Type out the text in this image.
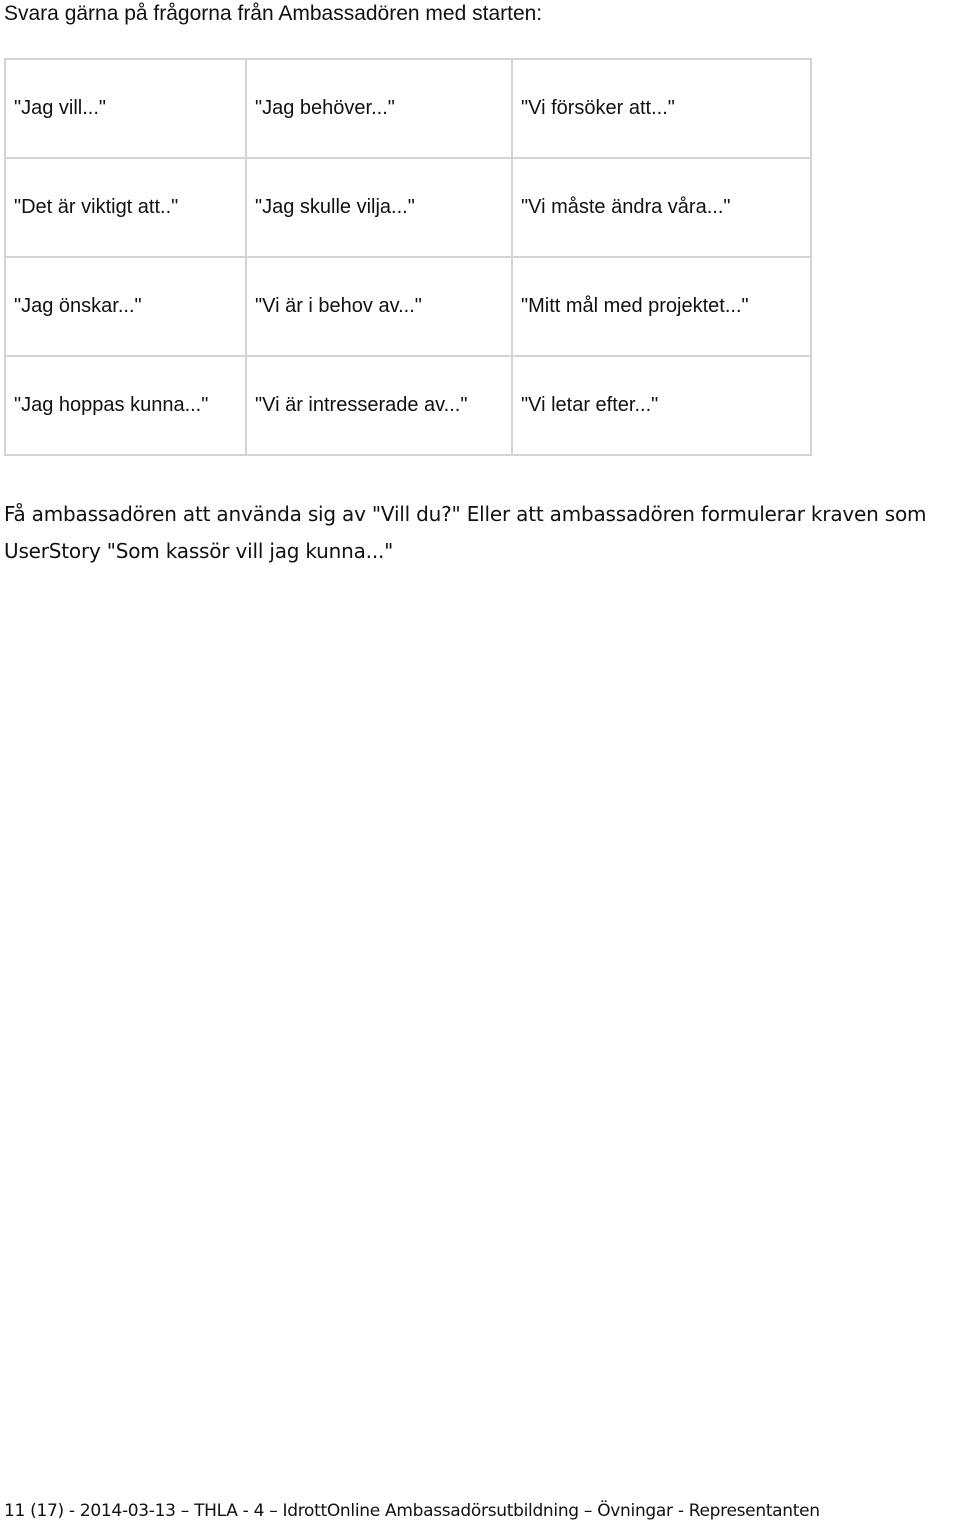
Svara gärna på frågorna från Ambassadören med starten:
"Jag vill..."	"Jag behöver..."	"Vi försöker att..."
"Det är viktigt att.."	"Jag skulle vilja..."	"Vi måste ändra våra..."
"Jag önskar..."	"Vi är i behov av..."	"Mitt mål med projektet..."
"Jag hoppas kunna..."	"Vi är intresserade av..."	"Vi letar efter..."
Få ambassadören att använda sig av "Vill du?" Eller att ambassadören formulerar kraven som UserStory "Som kassör vill jag kunna..."
11 (17) - 2014-03-13 – THLA - 4 – IdrottOnline Ambassadörsutbildning – Övningar - Representanten
